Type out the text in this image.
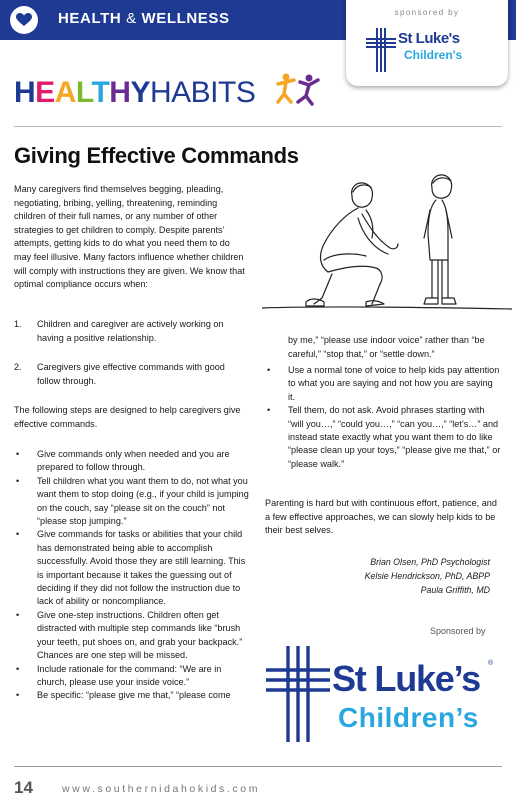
HEALTH & WELLNESS	sponsored by
St Luke's
Children's
HEALTHYHABITS
Giving Effective Commands
Many caregivers find themselves begging, pleading, negotiating, bribing, yelling, threatening, reminding children of their full names, or any number of other strategies to get children to comply. Despite parents’ attempts, getting kids to do what you need them to do may feel illusive. Many factors influence whether children will comply with instructions they are given. We know that optimal compliance occurs when:
1. Children and caregiver are actively working on having a positive relationship.
2. Caregivers give effective commands with good follow through.
The following steps are designed to help caregivers give effective commands.
• Give commands only when needed and you are prepared to follow through.
• Tell children what you want them to do, not what you want them to stop doing (e.g., if your child is jumping on the couch, say “please sit on the couch” not “please stop jumping.”
• Give commands for tasks or abilities that your child has demonstrated being able to accomplish successfully. Avoid those they are still learning. This is important because it takes the guessing out of deciding if they did not follow the instruction due to lack of ability or noncompliance.
• Give one-step instructions. Children often get distracted with multiple step commands like “brush your teeth, put shoes on, and grab your backpack.” Chances are one step will be missed.
• Include rationale for the command: “We are in church, please use your inside voice.”
• Be specific: “please give me that,” “please come
by me,” “please use indoor voice” rather than “be careful,” “stop that,” or “settle down.”
• Use a normal tone of voice to help kids pay attention to what you are saying and not how you are saying it.
• Tell them, do not ask. Avoid phrases starting with “will you…,” “could you…,” “can you…,” “let’s…” and instead state exactly what you want them to do like “please clean up your toys,” “please give me that,” or “please walk.”
Parenting is hard but with continuous effort, patience, and a few effective approaches, we can slowly help kids to be their best selves.
Brian Olsen, PhD Psychologist
Kelsie Hendrickson, PhD, ABPP
Paula Griffith, MD
Sponsored by
St Luke’s ®
Children’s
14	www.southernidahokids.com
